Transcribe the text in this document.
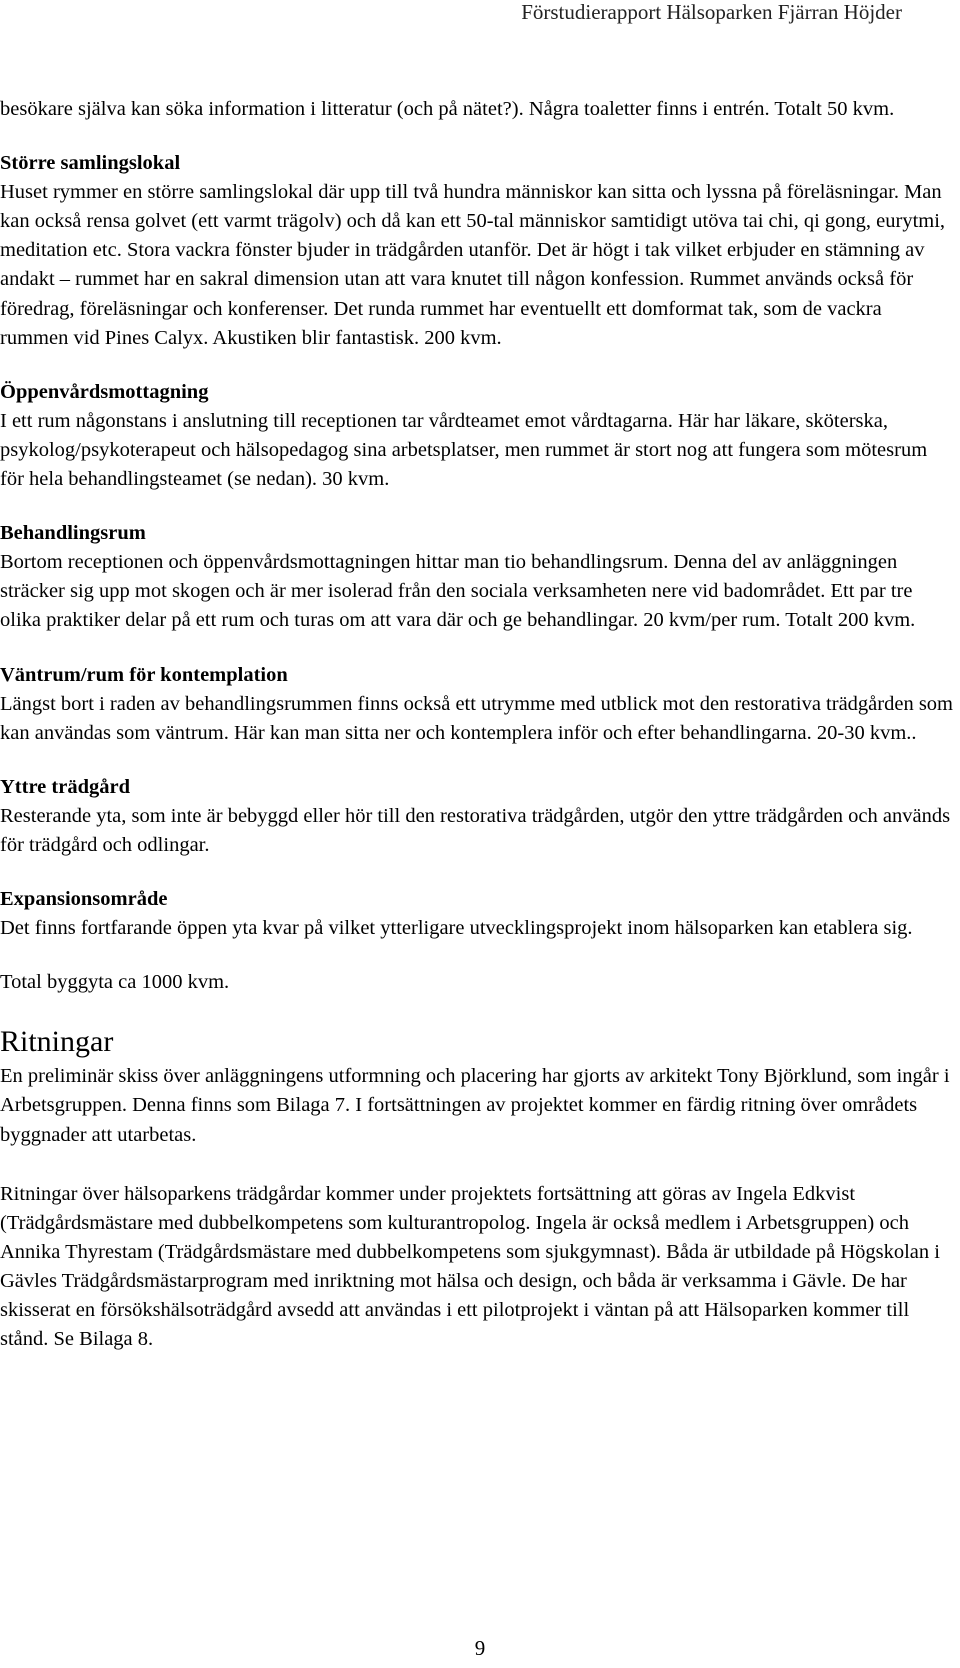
Förstudierapport Hälsoparken Fjärran Höjder

besökare själva kan söka information i litteratur (och på nätet?). Några toaletter finns i entrén. Totalt 50 kvm.

Större samlingslokal

Huset rymmer en större samlingslokal där upp till två hundra människor kan sitta och lyssna på föreläsningar. Man kan också rensa golvet (ett varmt trägolv) och då kan ett 50-tal människor samtidigt utöva tai chi, qi gong, eurytmi, meditation etc. Stora vackra fönster bjuder in trädgården utanför. Det är högt i tak vilket erbjuder en stämning av andakt – rummet har en sakral dimension utan att vara knutet till någon konfession. Rummet används också för föredrag, föreläsningar och konferenser. Det runda rummet har eventuellt ett domformat tak, som de vackra rummen vid Pines Calyx. Akustiken blir fantastisk. 200 kvm.

Öppenvårdsmottagning

I ett rum någonstans i anslutning till receptionen tar vårdteamet emot vårdtagarna. Här har läkare, sköterska, psykolog/psykoterapeut och hälsopedagog sina arbetsplatser, men rummet är stort nog att fungera som mötesrum för hela behandlingsteamet (se nedan). 30 kvm.

Behandlingsrum

Bortom receptionen och öppenvårdsmottagningen hittar man tio behandlingsrum. Denna del av anläggningen sträcker sig upp mot skogen och är mer isolerad från den sociala verksamheten nere vid badområdet. Ett par tre olika praktiker delar på ett rum och turas om att vara där och ge behandlingar. 20 kvm/per rum. Totalt 200 kvm.

Väntrum/rum för kontemplation

Längst bort i raden av behandlingsrummen finns också ett utrymme med utblick mot den restorativa trädgården som kan användas som väntrum. Här kan man sitta ner och kontemplera inför och efter behandlingarna. 20-30 kvm..

Yttre trädgård

Resterande yta, som inte är bebyggd eller hör till den restorativa trädgården, utgör den yttre trädgården och används för trädgård och odlingar.

Expansionsområde

Det finns fortfarande öppen yta kvar på vilket ytterligare utvecklingsprojekt inom hälsoparken kan etablera sig.

Total byggyta ca 1000 kvm.

Ritningar

En preliminär skiss över anläggningens utformning och placering har gjorts av arkitekt Tony Björklund, som ingår i Arbetsgruppen. Denna finns som Bilaga 7. I fortsättningen av projektet kommer en färdig ritning över områdets byggnader att utarbetas.

Ritningar över hälsoparkens trädgårdar kommer under projektets fortsättning att göras av Ingela Edkvist (Trädgårdsmästare med dubbelkompetens som kulturantropolog. Ingela är också medlem i Arbetsgruppen) och Annika Thyrestam (Trädgårdsmästare med dubbelkompetens som sjukgymnast). Båda är utbildade på Högskolan i Gävles Trädgårdsmästarprogram med inriktning mot hälsa och design, och båda är verksamma i Gävle. De har skisserat en försökshälsoträdgård avsedd att användas i ett pilotprojekt i väntan på att Hälsoparken kommer till stånd. Se Bilaga 8.

9
